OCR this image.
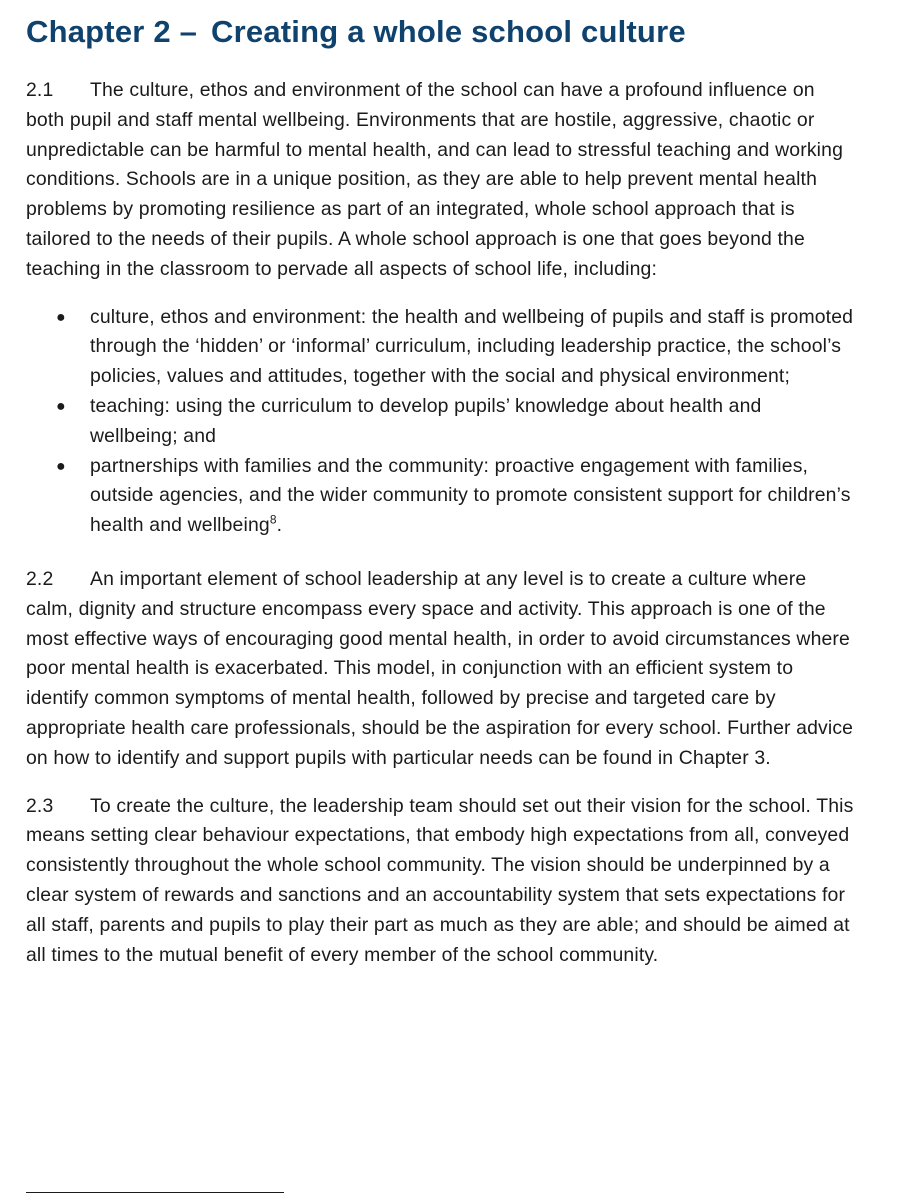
Chapter 2 – Creating a whole school culture

2.1 The culture, ethos and environment of the school can have a profound influence on both pupil and staff mental wellbeing. Environments that are hostile, aggressive, chaotic or unpredictable can be harmful to mental health, and can lead to stressful teaching and working conditions. Schools are in a unique position, as they are able to help prevent mental health problems by promoting resilience as part of an integrated, whole school approach that is tailored to the needs of their pupils. A whole school approach is one that goes beyond the teaching in the classroom to pervade all aspects of school life, including:

● culture, ethos and environment: the health and wellbeing of pupils and staff is promoted through the ‘hidden’ or ‘informal’ curriculum, including leadership practice, the school’s policies, values and attitudes, together with the social and physical environment;
● teaching: using the curriculum to develop pupils’ knowledge about health and wellbeing; and
● partnerships with families and the community: proactive engagement with families, outside agencies, and the wider community to promote consistent support for children’s health and wellbeing$^8$.

2.2 An important element of school leadership at any level is to create a culture where calm, dignity and structure encompass every space and activity. This approach is one of the most effective ways of encouraging good mental health, in order to avoid circumstances where poor mental health is exacerbated. This model, in conjunction with an efficient system to identify common symptoms of mental health, followed by precise and targeted care by appropriate health care professionals, should be the aspiration for every school. Further advice on how to identify and support pupils with particular needs can be found in Chapter 3.

2.3 To create the culture, the leadership team should set out their vision for the school. This means setting clear behaviour expectations, that embody high expectations from all, conveyed consistently throughout the whole school community. The vision should be underpinned by a clear system of rewards and sanctions and an accountability system that sets expectations for all staff, parents and pupils to play their part as much as they are able; and should be aimed at all times to the mutual benefit of every member of the school community.
